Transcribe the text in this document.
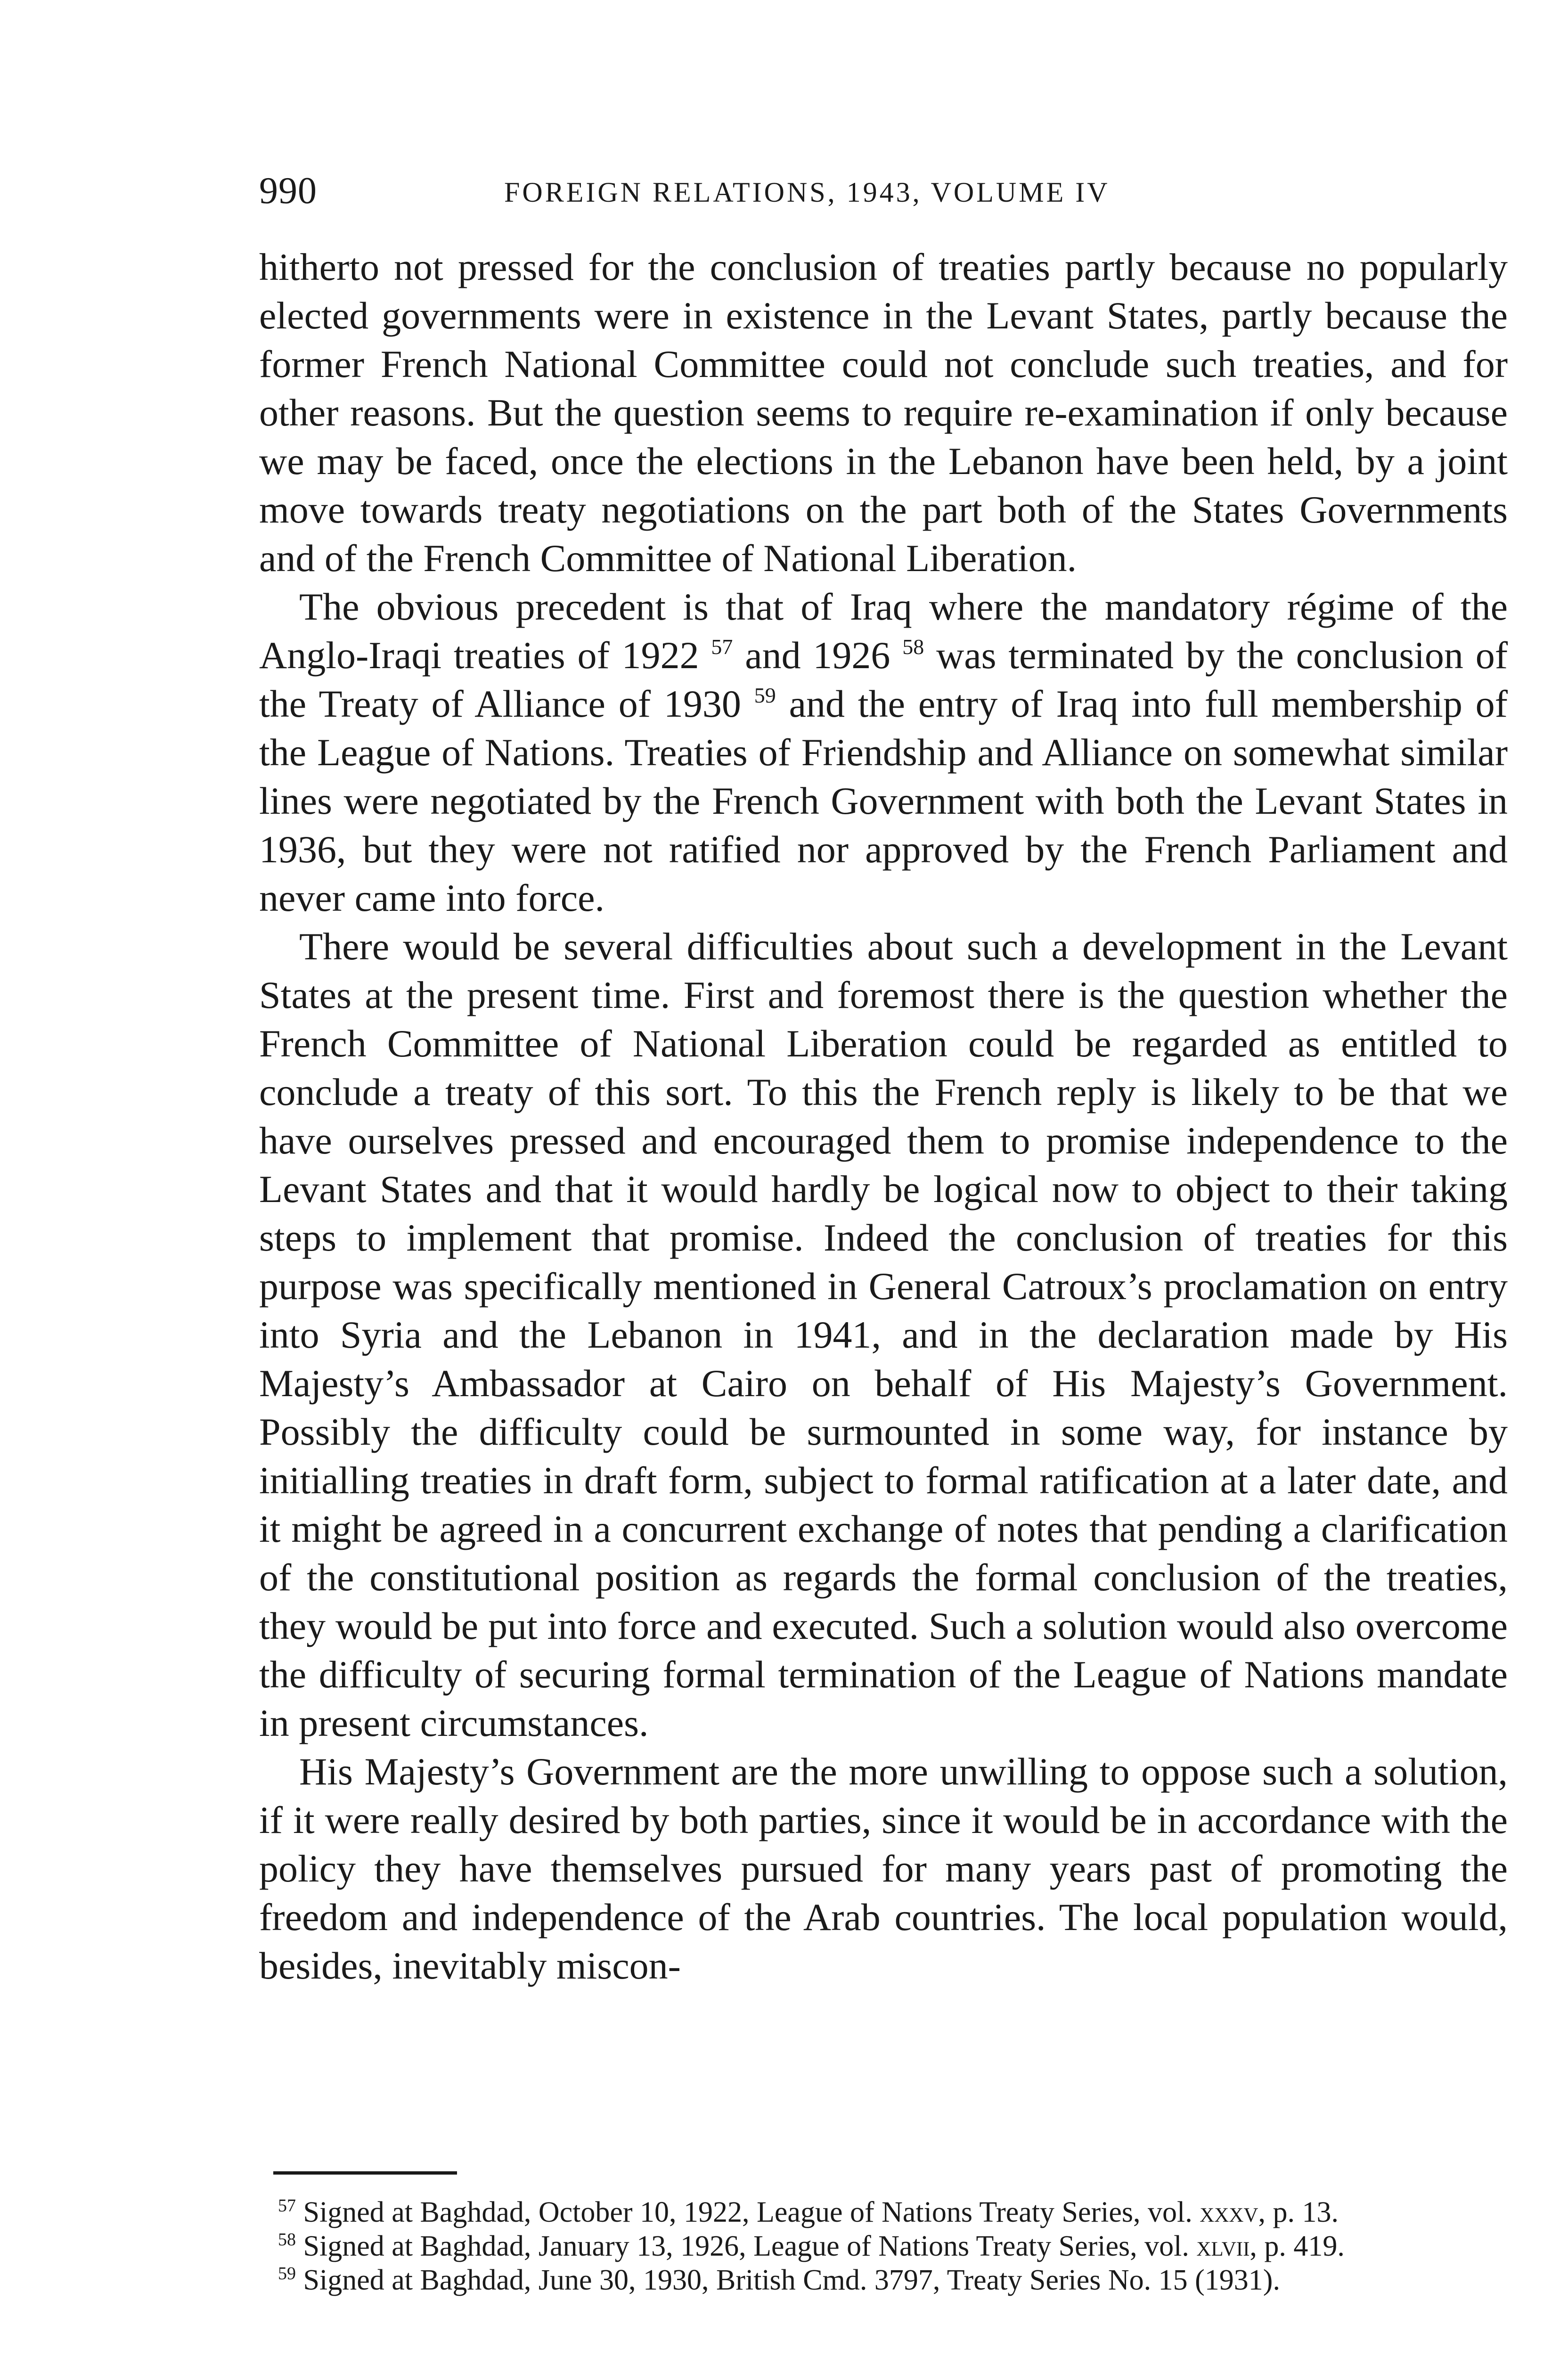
990	FOREIGN RELATIONS, 1943, VOLUME IV

hitherto not pressed for the conclusion of treaties partly because no popularly elected governments were in existence in the Levant States, partly because the former French National Committee could not conclude such treaties, and for other reasons. But the question seems to require re-examination if only because we may be faced, once the elections in the Lebanon have been held, by a joint move towards treaty negotiations on the part both of the States Governments and of the French Committee of National Liberation.

The obvious precedent is that of Iraq where the mandatory régime of the Anglo-Iraqi treaties of 1922 $^{57}$ and 1926 $^{58}$ was terminated by the conclusion of the Treaty of Alliance of 1930 $^{59}$ and the entry of Iraq into full membership of the League of Nations. Treaties of Friendship and Alliance on somewhat similar lines were negotiated by the French Government with both the Levant States in 1936, but they were not ratified nor approved by the French Parliament and never came into force.

There would be several difficulties about such a development in the Levant States at the present time. First and foremost there is the question whether the French Committee of National Liberation could be regarded as entitled to conclude a treaty of this sort. To this the French reply is likely to be that we have ourselves pressed and encouraged them to promise independence to the Levant States and that it would hardly be logical now to object to their taking steps to implement that promise. Indeed the conclusion of treaties for this purpose was specifically mentioned in General Catroux’s proclamation on entry into Syria and the Lebanon in 1941, and in the declaration made by His Majesty’s Ambassador at Cairo on behalf of His Majesty’s Government. Possibly the difficulty could be surmounted in some way, for instance by initialling treaties in draft form, subject to formal ratification at a later date, and it might be agreed in a concurrent exchange of notes that pending a clarification of the constitutional position as regards the formal conclusion of the treaties, they would be put into force and executed. Such a solution would also overcome the difficulty of securing formal termination of the League of Nations mandate in present circumstances.

His Majesty’s Government are the more unwilling to oppose such a solution, if it were really desired by both parties, since it would be in accordance with the policy they have themselves pursued for many years past of promoting the freedom and independence of the Arab countries. The local population would, besides, inevitably miscon-

$^{57}$ Signed at Baghdad, October 10, 1922, League of Nations Treaty Series, vol. xxxv, p. 13.

$^{58}$ Signed at Baghdad, January 13, 1926, League of Nations Treaty Series, vol. xlvii, p. 419.

$^{59}$ Signed at Baghdad, June 30, 1930, British Cmd. 3797, Treaty Series No. 15 (1931).
